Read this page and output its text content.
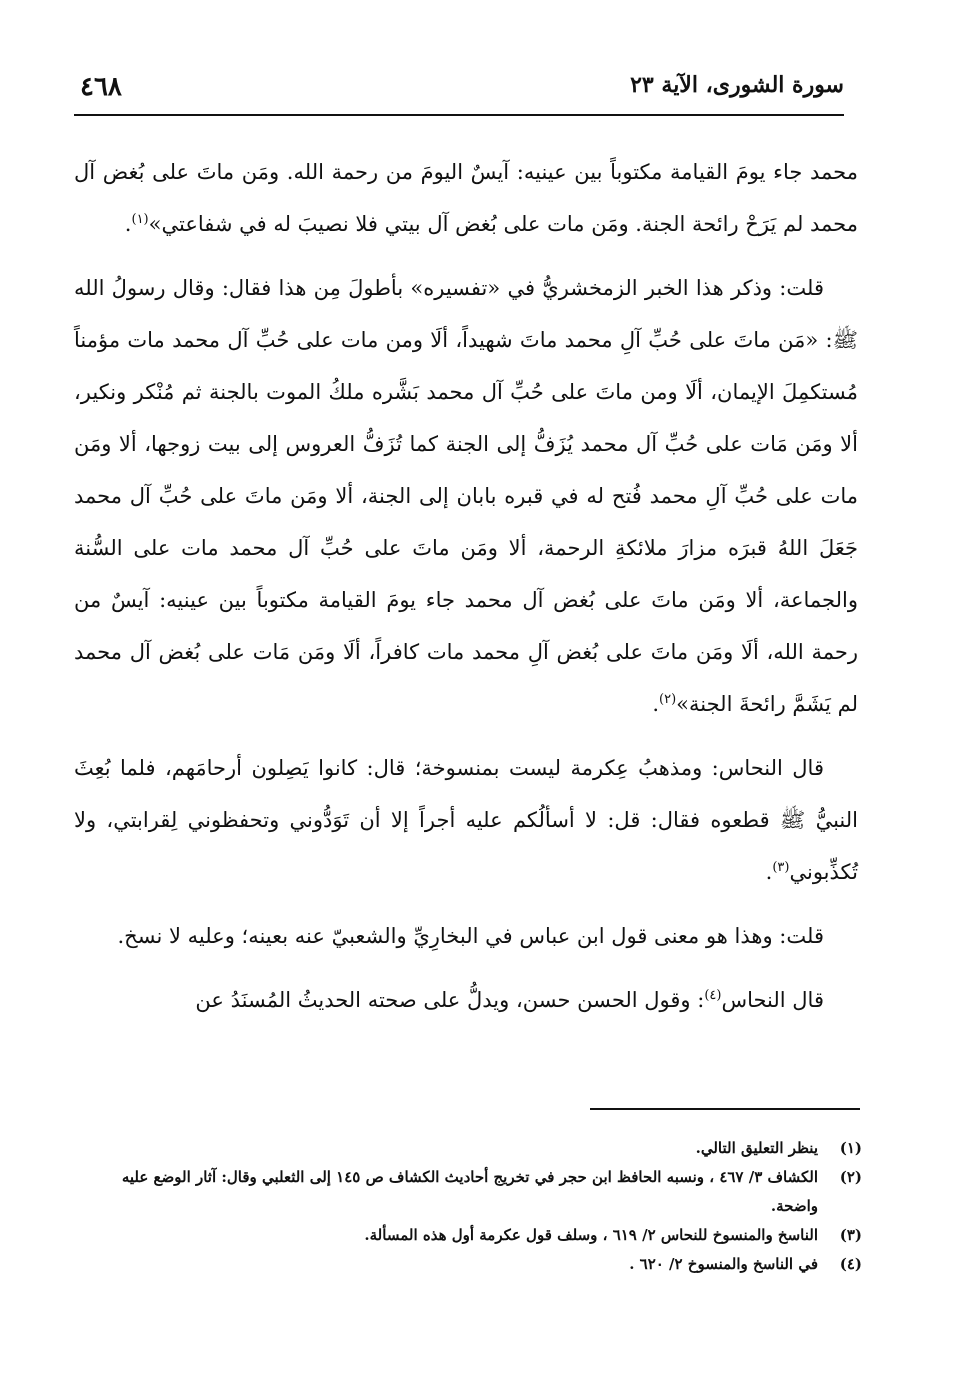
سورة الشورى، الآية ٢٣
٤٦٨

محمد جاء يومَ القيامة مكتوباً بين عينيه: آيسٌ اليومَ من رحمة الله. ومَن ماتَ على بُغض آل محمد لم يَرَحْ رائحة الجنة. ومَن مات على بُغض آل بيتي فلا نصيبَ له في شفاعتي»$^{(١)}$.

قلت: وذكر هذا الخبر الزمخشريُّ في «تفسيره» بأطولَ مِن هذا فقال: وقال رسولُ الله ﷺ: «مَن ماتَ على حُبِّ آلِ محمد ماتَ شهيداً، ألَا ومن مات على حُبِّ آل محمد مات مؤمناً مُستكمِلَ الإيمان، ألَا ومن ماتَ على حُبِّ آل محمد بَشَّره ملكُ الموت بالجنة ثم مُنْكر ونكير، ألا ومَن مَات على حُبِّ آل محمد يُزَفُّ إلى الجنة كما تُزَفُّ العروس إلى بيت زوجها، ألا ومَن مات على حُبِّ آلِ محمد فُتح له في قبره بابان إلى الجنة، ألا ومَن ماتَ على حُبِّ آل محمد جَعَلَ اللهُ قبرَه مزارَ ملائكةِ الرحمة، ألا ومَن ماتَ على حُبِّ آل محمد مات على السُّنة والجماعة، ألا ومَن ماتَ على بُغض آل محمد جاء يومَ القيامة مكتوباً بين عينيه: آيسٌ من رحمة الله، ألَا ومَن ماتَ على بُغض آلِ محمد مات كافراً، ألَا ومَن مَات على بُغض آل محمد لم يَشَمَّ رائحةَ الجنة»$^{(٢)}$.

قال النحاس: ومذهبُ عِكرمة ليست بمنسوخة؛ قال: كانوا يَصِلون أرحامَهم، فلما بُعِثَ النبيُّ ﷺ قطعوه فقال: قل: لا أسألُكم عليه أجراً إلا أن تَوَدُّوني وتحفظوني لِقرابتي، ولا تُكذِّبوني$^{(٣)}$.

قلت: وهذا هو معنى قول ابن عباس في البخارِيِّ والشعبيّ عنه بعينه؛ وعليه لا نسخ.

قال النحاس$^{(٤)}$: وقول الحسن حسن، ويدلُّ على صحته الحديثُ المُسنَدُ عن

(١)
ينظر التعليق التالي.
(٢)
الكشاف ٣/ ٤٦٧ ، ونسبه الحافظ ابن حجر في تخريج أحاديث الكشاف ص ١٤٥ إلى الثعلبي وقال: آثار الوضع عليه واضحة.
(٣)
الناسخ والمنسوخ للنحاس ٢/ ٦١٩ ، وسلف قول عكرمة أول هذه المسألة.
(٤)
في الناسخ والمنسوخ ٢/ ٦٢٠ .
